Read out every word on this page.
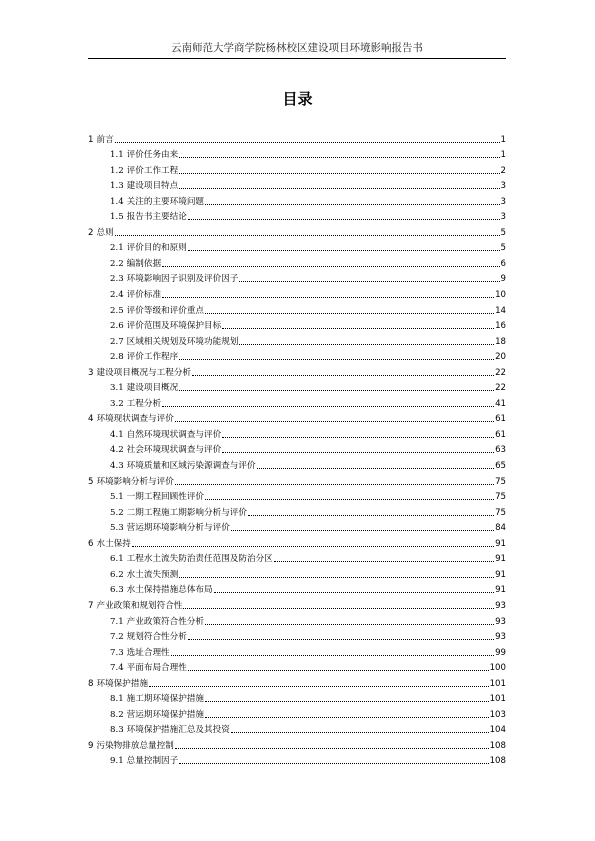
云南师范大学商学院杨林校区建设项目环境影响报告书
目录
1 前言	1
1.1 评价任务由来	1
1.2 评价工作工程	2
1.3 建设项目特点	3
1.4 关注的主要环境问题	3
1.5 报告书主要结论	3
2 总则	5
2.1 评价目的和原则	5
2.2 编制依据	6
2.3 环境影响因子识别及评价因子	9
2.4 评价标准	10
2.5 评价等级和评价重点	14
2.6 评价范围及环境保护目标	16
2.7 区域相关规划及环境功能规划	18
2.8 评价工作程序	20
3 建设项目概况与工程分析	22
3.1 建设项目概况	22
3.2 工程分析	41
4 环境现状调查与评价	61
4.1 自然环境现状调查与评价	61
4.2 社会环境现状调查与评价	63
4.3 环境质量和区域污染源调查与评价	65
5 环境影响分析与评价	75
5.1 一期工程回顾性评价	75
5.2 二期工程施工期影响分析与评价	75
5.3 营运期环境影响分析与评价	84
6 水土保持	91
6.1 工程水土流失防治责任范围及防治分区	91
6.2 水土流失预测	91
6.3 水土保持措施总体布局	91
7 产业政策和规划符合性	93
7.1 产业政策符合性分析	93
7.2 规划符合性分析	93
7.3 选址合理性	99
7.4 平面布局合理性	100
8 环境保护措施	101
8.1 施工期环境保护措施	101
8.2 营运期环境保护措施	103
8.3 环境保护措施汇总及其投资	104
9 污染物排放总量控制	108
9.1 总量控制因子	108
